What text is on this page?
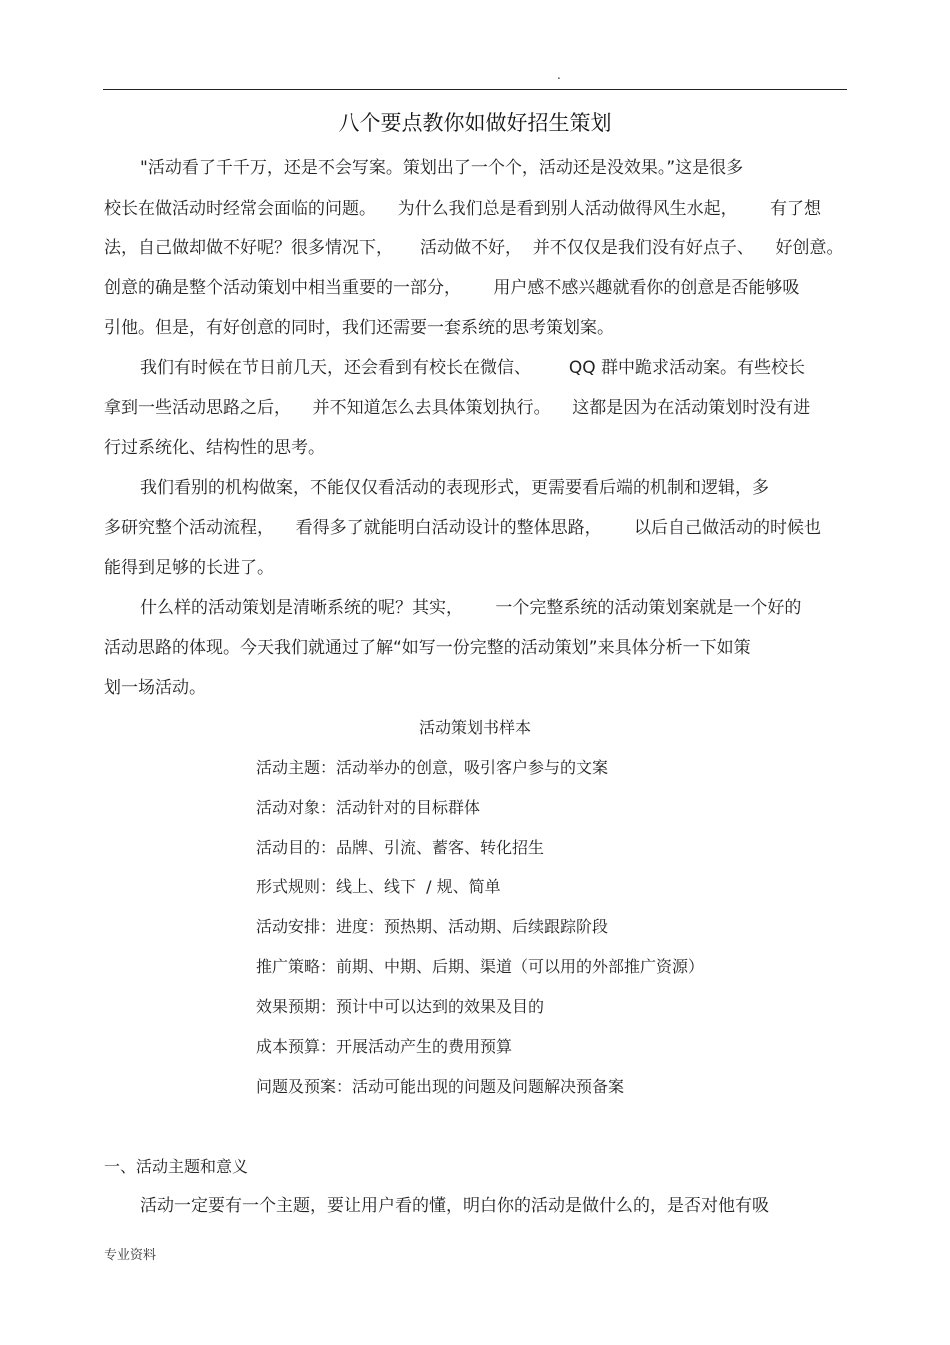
.
八个要点教你如做好招生策划
"活动看了千千万，还是不会写案。策划出了一个个，活动还是没效果。”这是很多
校长在做活动时经常会面临的问题。    为什么我们总是看到别人活动做得风生水起，      有了想
法，自己做却做不好呢？很多情况下，     活动做不好，  并不仅仅是我们没有好点子、    好创意。
创意的确是整个活动策划中相当重要的一部分，      用户感不感兴趣就看你的创意是否能够吸
引他。但是，有好创意的同时，我们还需要一套系统的思考策划案。
我们有时候在节日前几天，还会看到有校长在微信、       QQ 群中跪求活动案。有些校长
拿到一些活动思路之后，    并不知道怎么去具体策划执行。    这都是因为在活动策划时没有进
行过系统化、结构性的思考。
我们看别的机构做案，不能仅仅看活动的表现形式，更需要看后端的机制和逻辑，多
多研究整个活动流程，    看得多了就能明白活动设计的整体思路，      以后自己做活动的时候也
能得到足够的长进了。
什么样的活动策划是清晰系统的呢？其实，      一个完整系统的活动策划案就是一个好的
活动思路的体现。今天我们就通过了解“如写一份完整的活动策划”来具体分析一下如策
划一场活动。
活动策划书样本
活动主题：活动举办的创意，吸引客户参与的文案
活动对象：活动针对的目标群体
活动目的：品牌、引流、蓄客、转化招生
形式规则：线上、线下  / 规、简单
活动安排：进度：预热期、活动期、后续跟踪阶段
推广策略：前期、中期、后期、渠道（可以用的外部推广资源）
效果预期：预计中可以达到的效果及目的
成本预算：开展活动产生的费用预算
问题及预案：活动可能出现的问题及问题解决预备案
一、活动主题和意义
活动一定要有一个主题，要让用户看的懂，明白你的活动是做什么的，是否对他有吸
专业资料
